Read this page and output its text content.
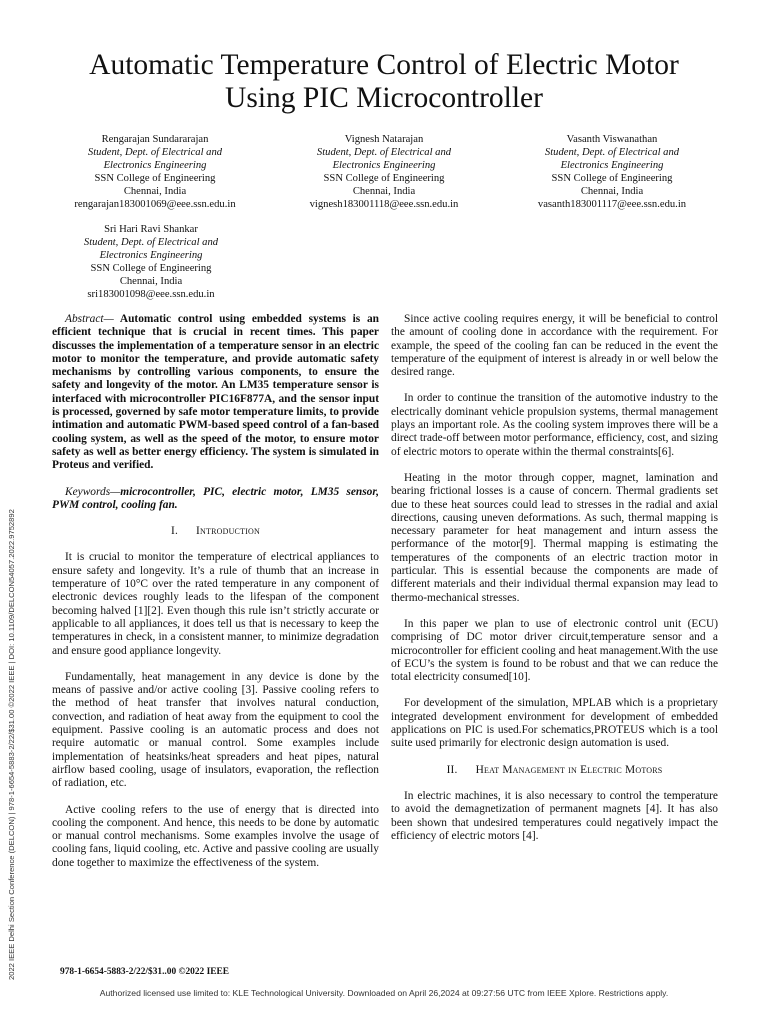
Automatic Temperature Control of Electric Motor
Using PIC Microcontroller
Rengarajan Sundararajan
Student, Dept. of Electrical and
Electronics Engineering
SSN College of Engineering
Chennai, India
rengarajan183001069@eee.ssn.edu.in
Vignesh Natarajan
Student, Dept. of Electrical and
Electronics Engineering
SSN College of Engineering
Chennai, India
vignesh183001118@eee.ssn.edu.in
Vasanth Viswanathan
Student, Dept. of Electrical and
Electronics Engineering
SSN College of Engineering
Chennai, India
vasanth183001117@eee.ssn.edu.in
Sri Hari Ravi Shankar
Student, Dept. of Electrical and
Electronics Engineering
SSN College of Engineering
Chennai, India
sri183001098@eee.ssn.edu.in

Abstract— Automatic control using embedded systems is an efficient technique that is crucial in recent times. This paper discusses the implementation of a temperature sensor in an electric motor to monitor the temperature, and provide automatic safety mechanisms by controlling various components, to ensure the safety and longevity of the motor. An LM35 temperature sensor is interfaced with microcontroller PIC16F877A, and the sensor input is processed, governed by safe motor temperature limits, to provide intimation and automatic PWM-based speed control of a fan-based cooling system, as well as the speed of the motor, to ensure motor safety as well as better energy efficiency. The system is simulated in Proteus and verified.

Keywords—microcontroller, PIC, electric motor, LM35 sensor, PWM control, cooling fan.

I. Introduction

It is crucial to monitor the temperature of electrical appliances to ensure safety and longevity. It’s a rule of thumb that an increase in temperature of 10°C over the rated temperature in any component of electronic devices roughly leads to the lifespan of the component becoming halved [1][2]. Even though this rule isn’t strictly accurate or applicable to all appliances, it does tell us that is necessary to keep the temperatures in check, in a consistent manner, to minimize degradation and ensure good appliance longevity.

Fundamentally, heat management in any device is done by the means of passive and/or active cooling [3]. Passive cooling refers to the method of heat transfer that involves natural conduction, convection, and radiation of heat away from the equipment to cool the equipment. Passive cooling is an automatic process and does not require automatic or manual control. Some examples include implementation of heatsinks/heat spreaders and heat pipes, natural airflow based cooling, usage of insulators, evaporation, the reflection of radiation, etc.

Active cooling refers to the use of energy that is directed into cooling the component. And hence, this needs to be done by automatic or manual control mechanisms. Some examples involve the usage of cooling fans, liquid cooling, etc. Active and passive cooling are usually done together to maximize the effectiveness of the system.

Since active cooling requires energy, it will be beneficial to control the amount of cooling done in accordance with the requirement. For example, the speed of the cooling fan can be reduced in the event the temperature of the equipment of interest is already in or well below the desired range.

In order to continue the transition of the automotive industry to the electrically dominant vehicle propulsion systems, thermal management plays an important role. As the cooling system improves there will be a direct trade-off between motor performance, efficiency, cost, and sizing of electric motors to operate within the thermal constraints[6].

Heating in the motor through copper, magnet, lamination and bearing frictional losses is a cause of concern. Thermal gradients set due to these heat sources could lead to stresses in the radial and axial directions, causing uneven deformations. As such, thermal mapping is necessary parameter for heat management and inturn assess the performance of the motor[9]. Thermal mapping is estimating the temperatures of the components of an electric traction motor in particular. This is essential because the components are made of different materials and their individual thermal expansion may lead to thermo-mechanical stresses.

In this paper we plan to use of electronic control unit (ECU) comprising of DC motor driver circuit,temperature sensor and a microcontroller for efficient cooling and heat management.With the use of ECU’s the system is found to be robust and that we can reduce the total electricity consumed[10].

For development of the simulation, MPLAB which is a proprietary integrated development environment for development of embedded applications on PIC is used.For schematics,PROTEUS which is a tool suite used primarily for electronic design automation is used.

II. Heat Management in Electric Motors

In electric machines, it is also necessary to control the temperature to avoid the demagnetization of permanent magnets [4]. It has also been shown that undesired temperatures could negatively impact the efficiency of electric motors [4].

2022 IEEE Delhi Section Conference (DELCON) | 978-1-6654-5883-2/22/$31.00 ©2022 IEEE | DOI: 10.1109/DELCON54057.2022.9752892	978-1-6654-5883-2/22/$31..00 ©2022 IEEE
Authorized licensed use limited to: KLE Technological University. Downloaded on April 26,2024 at 09:27:56 UTC from IEEE Xplore. Restrictions apply.
